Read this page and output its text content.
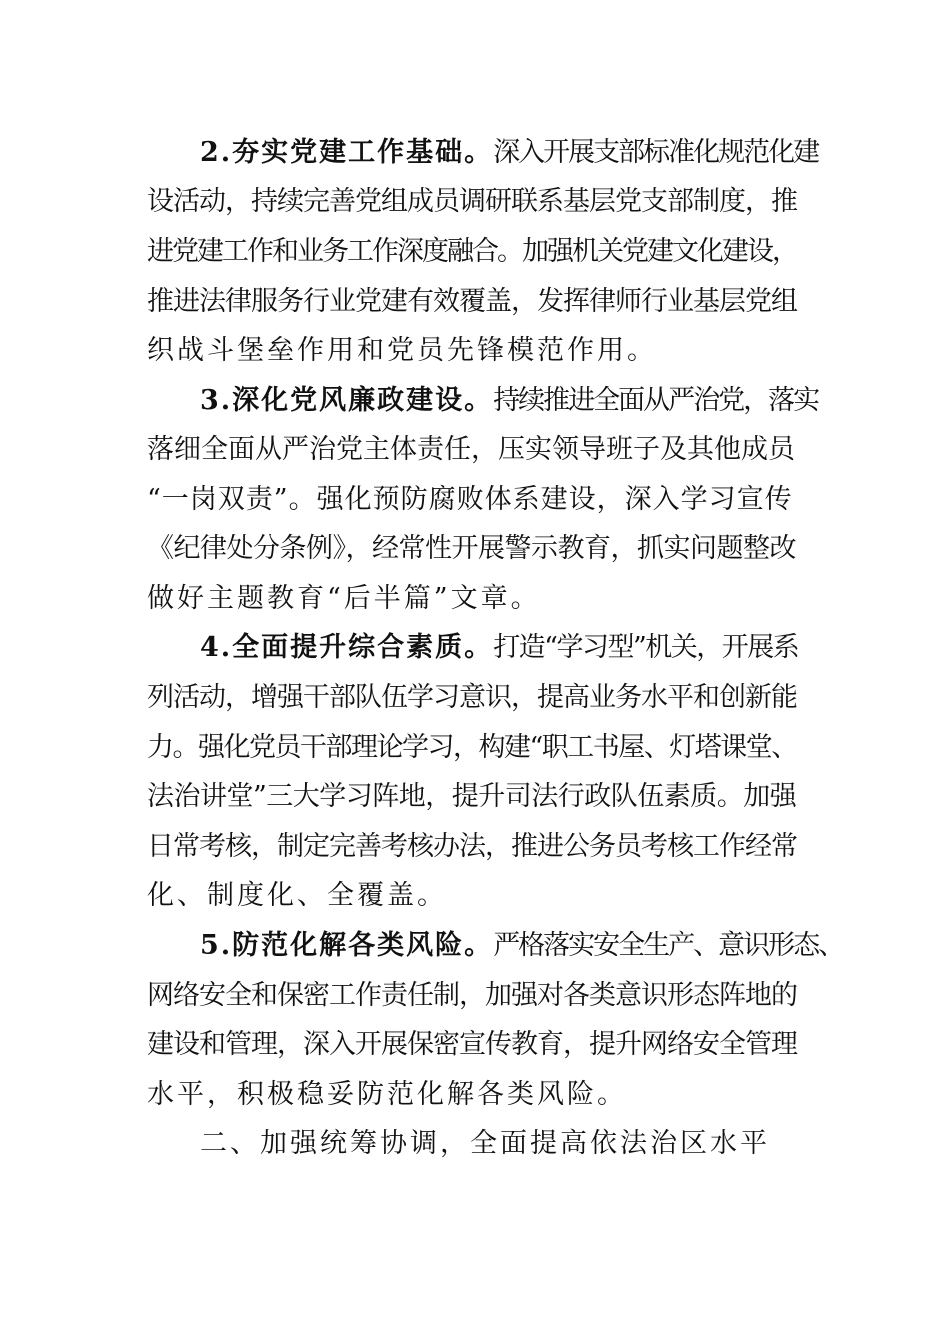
2.夯实党建工作基础。深入开展支部标准化规范化建
设活动，持续完善党组成员调研联系基层党支部制度，推
进党建工作和业务工作深度融合。加强机关党建文化建设，
推进法律服务行业党建有效覆盖，发挥律师行业基层党组
织战斗堡垒作用和党员先锋模范作用。
3.深化党风廉政建设。持续推进全面从严治党，落实
落细全面从严治党主体责任，压实领导班子及其他成员
“一岗双责”。强化预防腐败体系建设，深入学习宣传
《纪律处分条例》，经常性开展警示教育，抓实问题整改
做好主题教育“后半篇”文章。
4.全面提升综合素质。打造“学习型”机关，开展系
列活动，增强干部队伍学习意识，提高业务水平和创新能
力。强化党员干部理论学习，构建“职工书屋、灯塔课堂、
法治讲堂”三大学习阵地，提升司法行政队伍素质。加强
日常考核，制定完善考核办法，推进公务员考核工作经常
化、制度化、全覆盖。
5.防范化解各类风险。严格落实安全生产、意识形态、
网络安全和保密工作责任制，加强对各类意识形态阵地的
建设和管理，深入开展保密宣传教育，提升网络安全管理
水平，积极稳妥防范化解各类风险。
二、加强统筹协调，全面提高依法治区水平
